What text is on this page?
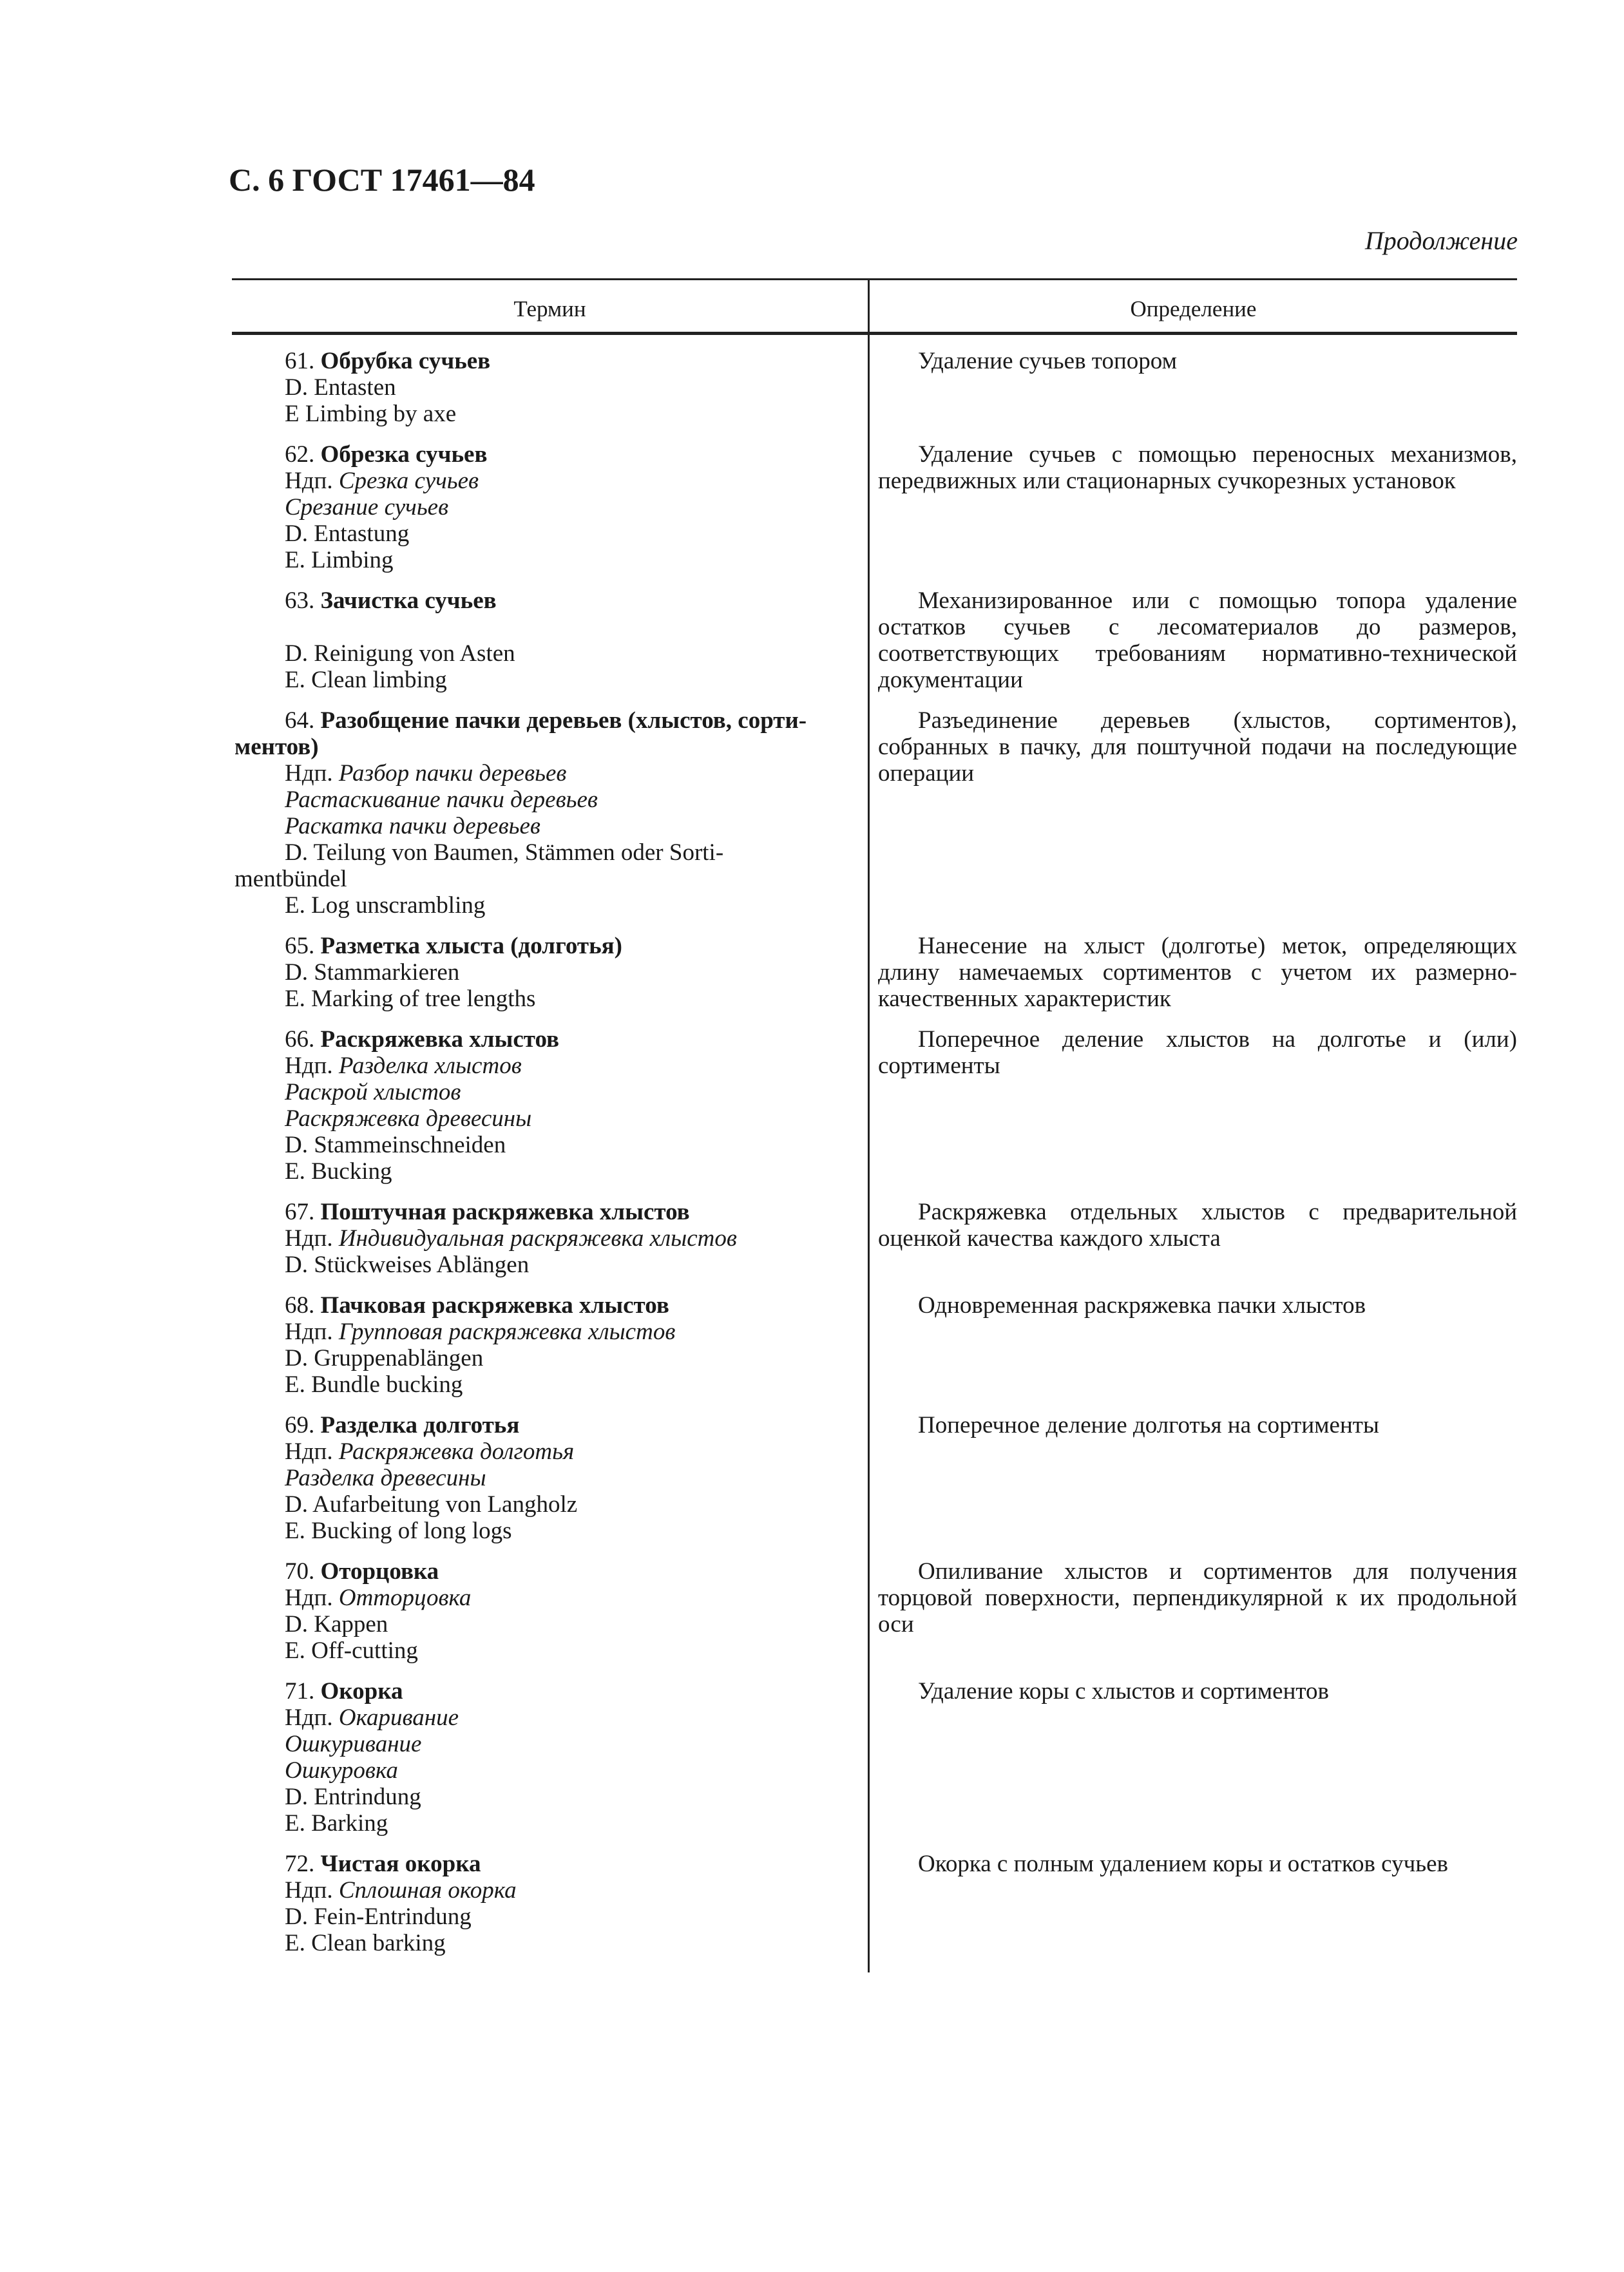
С. 6 ГОСТ 17461—84
Продолжение
Термин	Определение
61. Обрубка сучьев
D. Entasten
E Limbing by axe
Удаление сучьев топором
62. Обрезка сучьев
Ндп. Срезка сучьев
Срезание сучьев
D. Entastung
E. Limbing
Удаление сучьев с помощью переносных механизмов, передвижных или стационарных сучкорезных установок
63. Зачистка сучьев
D. Reinigung von Asten
E. Clean limbing
Механизированное или с помощью топора удаление остатков сучьев с лесоматериалов до размеров, соответствующих требованиям нормативно-технической документации
64. Разобщение пачки деревьев (хлыстов, сорти-
ментов)
Ндп. Разбор пачки деревьев
Растаскивание пачки деревьев
Раскатка пачки деревьев
D. Teilung von Baumen, Stämmen oder Sorti-
mentbündel
E. Log unscrambling
Разъединение деревьев (хлыстов, сортиментов), собранных в пачку, для поштучной подачи на последующие операции
65. Разметка хлыста (долготья)
D. Stammarkieren
E. Marking of tree lengths
Нанесение на хлыст (долготье) меток, определяющих длину намечаемых сортиментов с учетом их размерно-качественных характеристик
66. Раскряжевка хлыстов
Ндп. Разделка хлыстов
Раскрой хлыстов
Раскряжевка древесины
D. Stammeinschneiden
E. Bucking
Поперечное деление хлыстов на долготье и (или) сортименты
67. Поштучная раскряжевка хлыстов
Ндп. Индивидуальная раскряжевка хлыстов
D. Stückweises Ablängen
Раскряжевка отдельных хлыстов с предварительной оценкой качества каждого хлыста
68. Пачковая раскряжевка хлыстов
Ндп. Групповая раскряжевка хлыстов
D. Gruppenablängen
E. Bundle bucking
Одновременная раскряжевка пачки хлыстов
69. Разделка долготья
Ндп. Раскряжевка долготья
Разделка древесины
D. Aufarbeitung von Langholz
E. Bucking of long logs
Поперечное деление долготья на сортименты
70. Оторцовка
Ндп. Отторцовка
D. Kappen
E. Off-cutting
Опиливание хлыстов и сортиментов для получения торцовой поверхности, перпендикулярной к их продольной оси
71. Окорка
Ндп. Окаривание
Ошкуривание
Ошкуровка
D. Entrindung
E. Barking
Удаление коры с хлыстов и сортиментов
72. Чистая окорка
Ндп. Сплошная окорка
D. Fein-Entrindung
E. Clean barking
Окорка с полным удалением коры и остатков сучьев
